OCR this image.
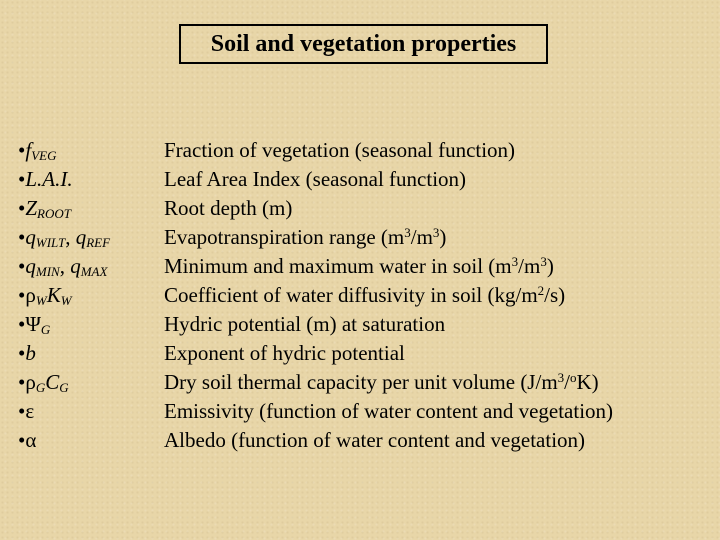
Soil and vegetation properties
$•f_{VEG}$	Fraction of vegetation (seasonal function)
•L.A.I.	Leaf Area Index (seasonal function)
$•Z_{ROOT}$	Root depth (m)
$•q_{WILT}$, $q_{REF}$	Evapotranspiration range $(m^3/m^3)$
$•q_{MIN}$, $q_{MAX}$	Minimum and maximum water in soil $(m^3/m^3)$
$•\rho_WK_W$	Coefficient of water diffusivity in soil $(kg/m^2/s)$
$•\Psi_G$	Hydric potential (m) at saturation
•b	Exponent of hydric potential
$•\rho_GC_G$	Dry soil thermal capacity per unit volume $(J/m^3/^oK)$
•ε	Emissivity (function of water content and vegetation)
•α	Albedo (function of water content and vegetation)
